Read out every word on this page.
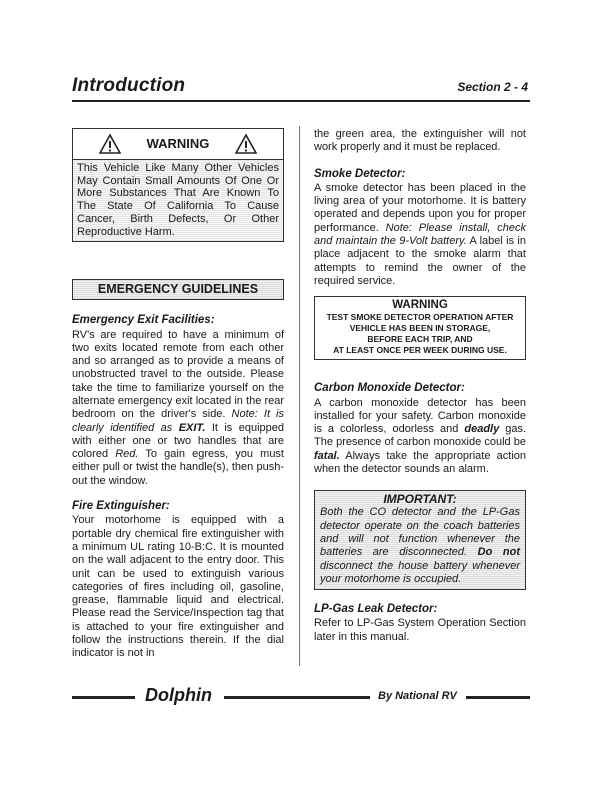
Introduction	Section 2 - 4
WARNING
This Vehicle Like Many Other Vehicles May Contain Small Amounts Of One Or More Substances That Are Known To The State Of California To Cause Cancer, Birth Defects, Or Other Reproductive Harm.
EMERGENCY GUIDELINES
Emergency Exit Facilities:

RV's are required to have a minimum of two exits located remote from each other and so arranged as to provide a means of unobstructed travel to the outside. Please take the time to familiarize yourself on the alternate emergency exit located in the rear bedroom on the driver's side. Note: It is clearly identified as EXIT. It is equipped with either one or two handles that are colored Red. To gain egress, you must either pull or twist the handle(s), then push-out the window.

Fire Extinguisher:

Your motorhome is equipped with a portable dry chemical fire extinguisher with a minimum UL rating 10-B:C. It is mounted on the wall adjacent to the entry door. This unit can be used to extinguish various categories of fires including oil, gasoline, grease, flammable liquid and electrical. Please read the Service/Inspection tag that is attached to your fire extinguisher and follow the instructions therein. If the dial indicator is not in

the green area, the extinguisher will not work properly and it must be replaced.

Smoke Detector:

A smoke detector has been placed in the living area of your motorhome. It is battery operated and depends upon you for proper performance. Note: Please install, check and maintain the 9-Volt battery. A label is in place adjacent to the smoke alarm that attempts to remind the owner of the required service.

WARNING
TEST SMOKE DETECTOR OPERATION AFTER
VEHICLE HAS BEEN IN STORAGE,
BEFORE EACH TRIP, AND
AT LEAST ONCE PER WEEK DURING USE.
Carbon Monoxide Detector:

A carbon monoxide detector has been installed for your safety. Carbon monoxide is a colorless, odorless and deadly gas. The presence of carbon monoxide could be fatal. Always take the appropriate action when the detector sounds an alarm.

IMPORTANT:

Both the CO detector and the LP-Gas detector operate on the coach batteries and will not function whenever the batteries are disconnected. Do not disconnect the house battery whenever your motorhome is occupied.

LP-Gas Leak Detector:

Refer to LP-Gas System Operation Section later in this manual.

Dolphin	By National RV
